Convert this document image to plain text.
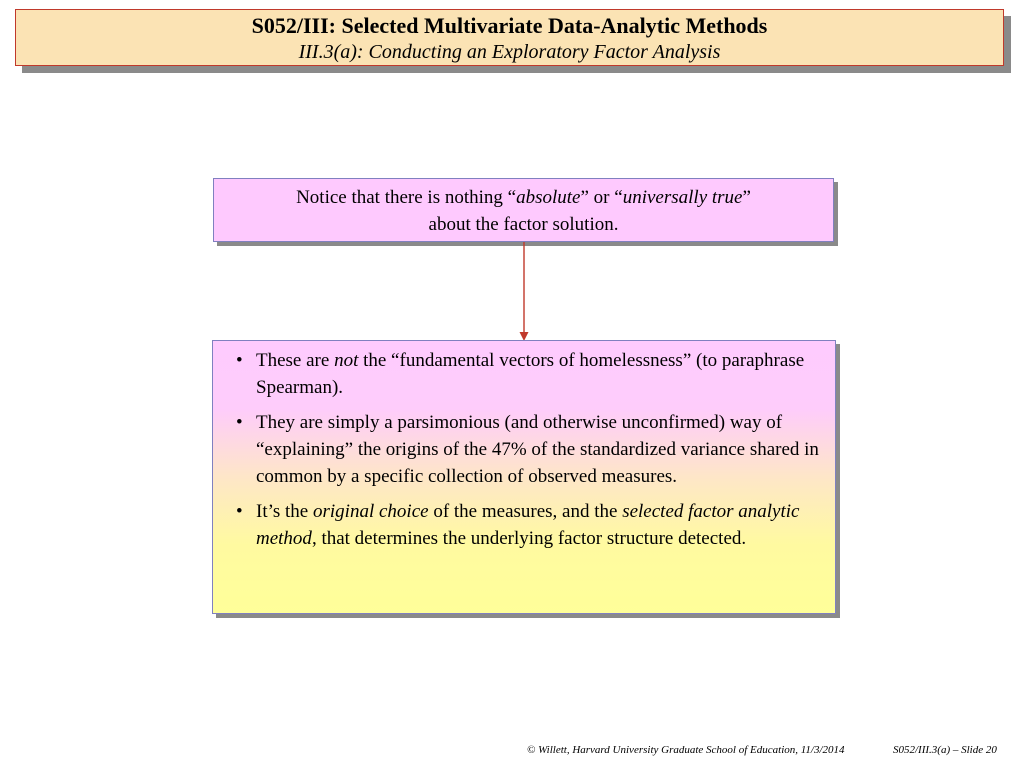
S052/III: Selected Multivariate Data-Analytic Methods
III.3(a): Conducting an Exploratory Factor Analysis
Notice that there is nothing “absolute” or “universally true”
about the factor solution.
• These are not the “fundamental vectors of homelessness” (to paraphrase Spearman).
• They are simply a parsimonious (and otherwise unconfirmed) way of “explaining” the origins of the 47% of the standardized variance shared in common by a specific collection of observed measures.
• It’s the original choice of the measures, and the selected factor analytic method, that determines the underlying factor structure detected.
© Willett, Harvard University Graduate School of Education, 11/3/2014	S052/III.3(a) – Slide 20
